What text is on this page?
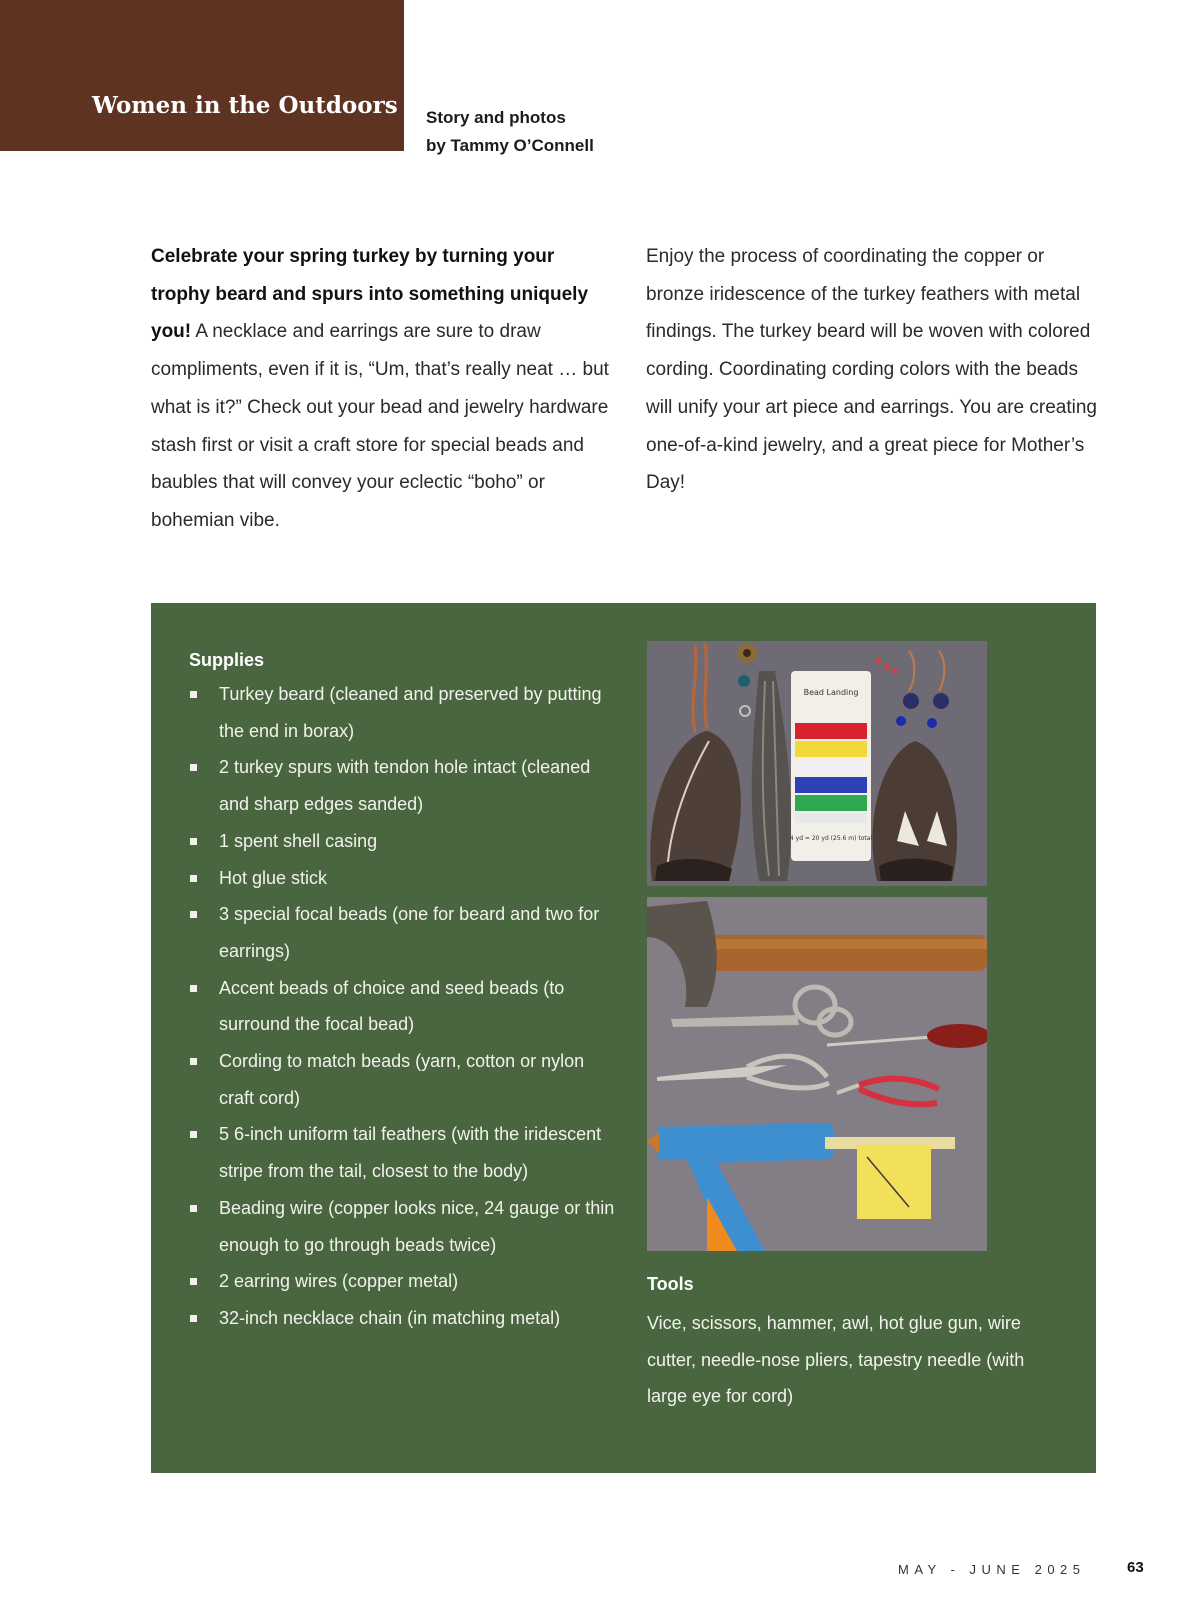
Women in the Outdoors Story and photos
by Tammy O’Connell

Celebrate your spring turkey by turning your trophy beard and spurs into something uniquely you! A necklace and earrings are sure to draw compliments, even if it is, “Um, that’s really neat … but what is it?” Check out your bead and jewelry hardware stash first or visit a craft store for special beads and baubles that will convey your eclectic “boho” or bohemian vibe.

Enjoy the process of coordinating the copper or bronze iridescence of the turkey feathers with metal findings. The turkey beard will be woven with colored cording. Coordinating cording colors with the beads will unify your art piece and earrings. You are creating one-of-a-kind jewelry, and a great piece for Mother’s Day!

Supplies
Turkey beard (cleaned and preserved by putting the end in borax)
2 turkey spurs with tendon hole intact (cleaned and sharp edges sanded)
1 spent shell casing
Hot glue stick
3 special focal beads (one for beard and two for earrings)
Accent beads of choice and seed beads (to surround the focal bead)
Cording to match beads (yarn, cotton or nylon craft cord)
5 6-inch uniform tail feathers (with the iridescent stripe from the tail, closest to the body)
Beading wire (copper looks nice, 24 gauge or thin enough to go through beads twice)
2 earring wires (copper metal)
32-inch necklace chain (in matching metal)
Bead Landing
4 yd = 20 yd (25.6 m) total
Tools

Vice, scissors, hammer, awl, hot glue gun, wire cutter, needle-nose pliers, tapestry needle (with large eye for cord)

MAY - JUNE 2025	63
